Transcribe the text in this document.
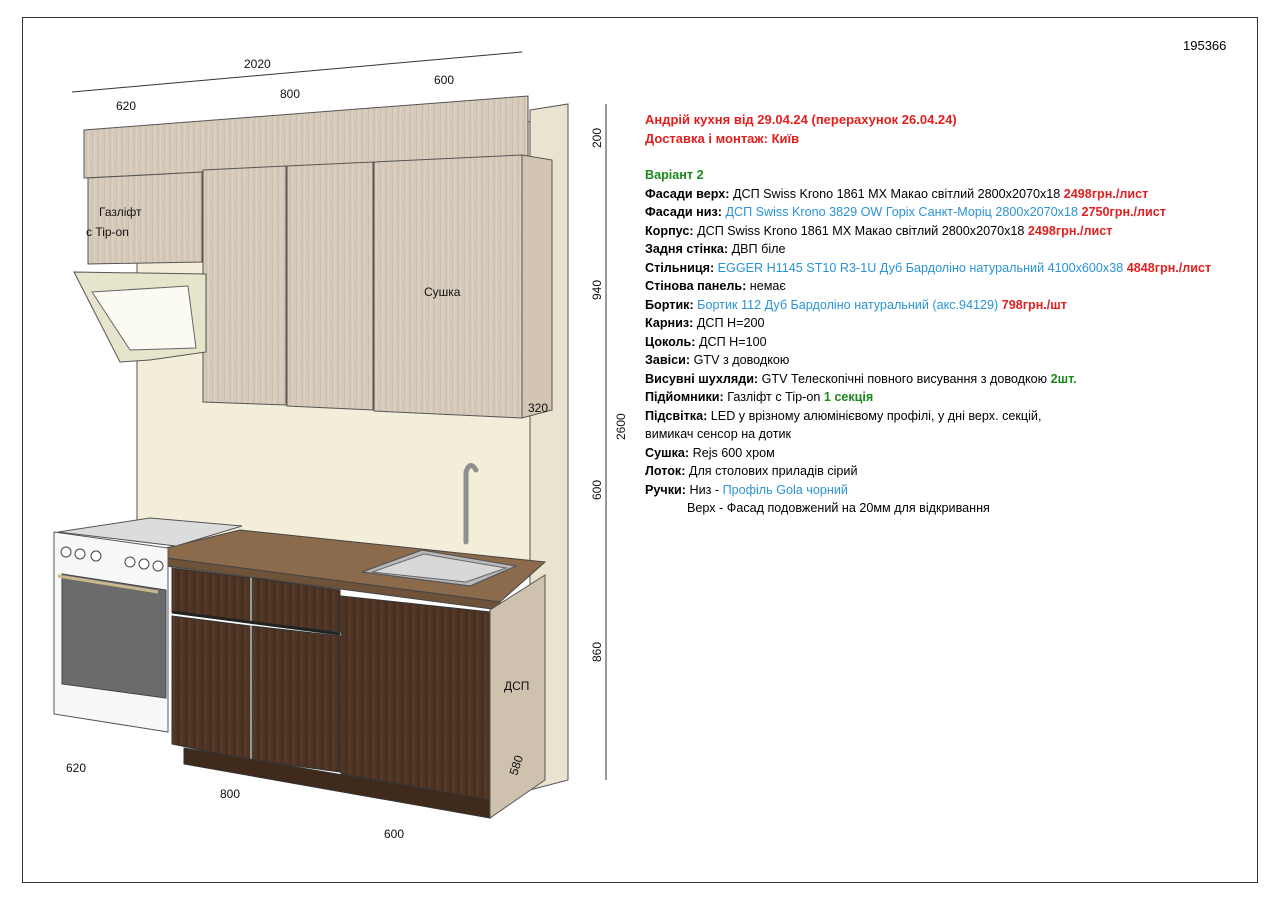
195366
2020
620
800
600
200
940
2600
600
860
320
580
620
800
600
Газліфт
с Tip-on
Сушка
ДСП
Андрій кухня від 29.04.24 (перерахунок 26.04.24)
Доставка і монтаж: Київ
Варіант 2
Фасади верх: ДСП Swiss Krono 1861 MX Макао світлий 2800х2070х18 2498грн./лист
Фасади низ: ДСП Swiss Krono 3829 OW Горіх Санкт-Моріц 2800х2070х18 2750грн./лист
Корпус: ДСП Swiss Krono 1861 MX Макао світлий 2800х2070х18 2498грн./лист
Задня стінка: ДВП біле
Стільниця: EGGER H1145 ST10 R3-1U Дуб Бардоліно натуральний 4100х600х38 4848грн./лист
Стінова панель: немає
Бортик: Бортик 112 Дуб Бардоліно натуральний (акс.94129) 798грн./шт
Карниз: ДСП H=200
Цоколь: ДСП H=100
Завіси: GTV з доводкою
Висувні шухляди: GTV Телескопічні повного висування з доводкою 2шт.
Підйомники: Газліфт с Tip-on 1 секція
Підсвітка: LED у врізному алюмінієвому профілі, у дні верх. секцій,
вимикач сенсор на дотик
Сушка: Rejs 600 хром
Лоток: Для столових приладів сірий
Ручки: Низ - Профіль Gola чорний
Верх - Фасад подовжений на 20мм для відкривання
